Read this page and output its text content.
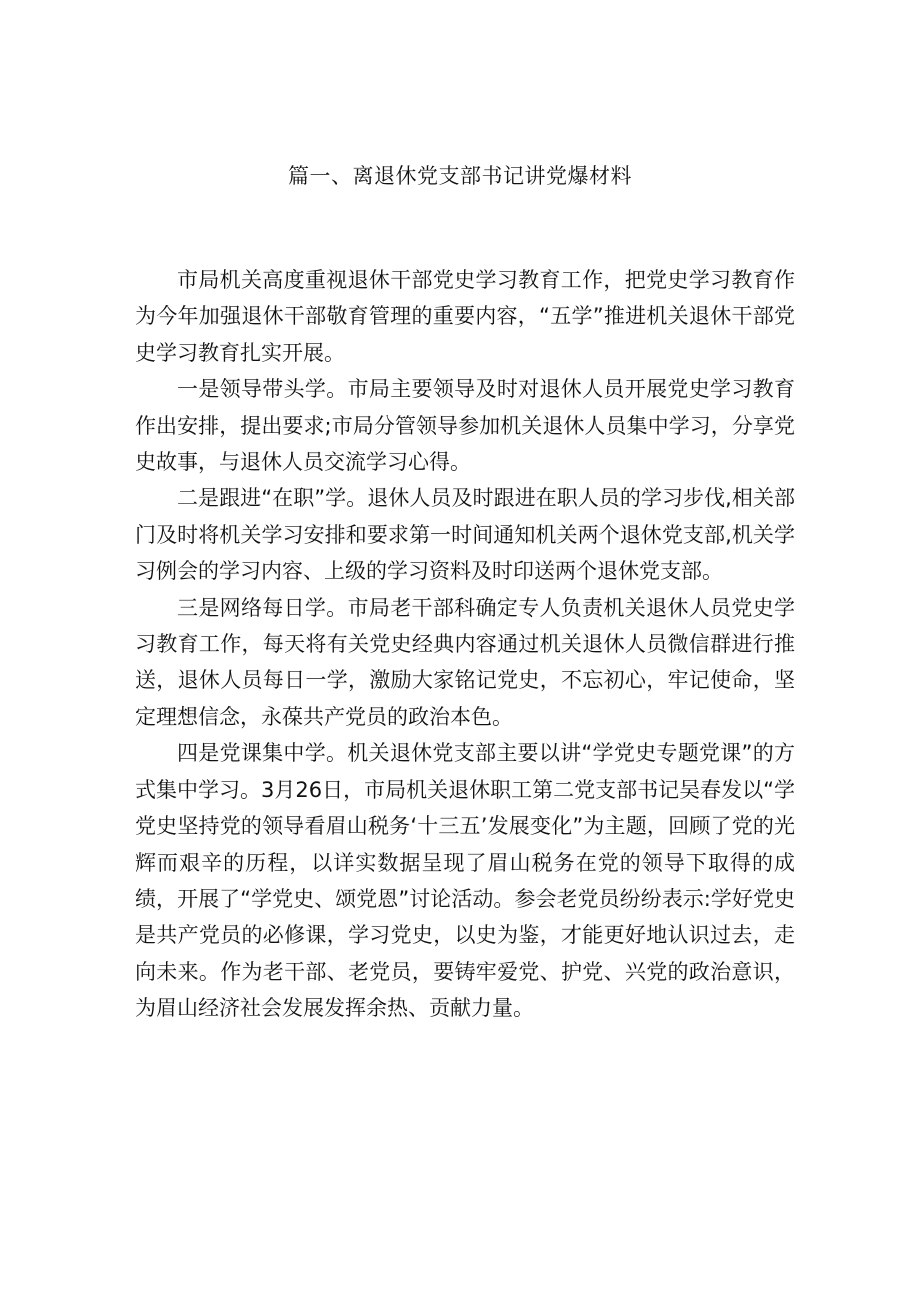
篇一、离退休党支部书记讲党爆材料

市局机关高度重视退休干部党史学习教育工作，把党史学习教育作为今年加强退休干部敬育管理的重要内容，“五学”推进机关退休干部党史学习教育扎实开展。

一是领导带头学。市局主要领导及时对退休人员开展党史学习教育作出安排，提出要求;市局分管领导参加机关退休人员集中学习，分享党史故事，与退休人员交流学习心得。

二是跟进“在职”学。退休人员及时跟进在职人员的学习步伐,相关部门及时将机关学习安排和要求第一时间通知机关两个退休党支部,机关学习例会的学习内容、上级的学习资料及时印送两个退休党支部。

三是网络每日学。市局老干部科确定专人负责机关退休人员党史学习教育工作，每天将有关党史经典内容通过机关退休人员微信群进行推送，退休人员每日一学，激励大家铭记党史，不忘初心，牢记使命，坚定理想信念，永葆共产党员的政治本色。

四是党课集中学。机关退休党支部主要以讲“学党史专题党课”的方式集中学习。3月26日，市局机关退休职工第二党支部书记吴春发以“学党史坚持党的领导看眉山税务‘十三五’发展变化”为主题，回顾了党的光辉而艰辛的历程，以详实数据呈现了眉山税务在党的领导下取得的成绩，开展了“学党史、颂党恩”讨论活动。参会老党员纷纷表示:学好党史是共产党员的必修课，学习党史，以史为鉴，才能更好地认识过去，走向未来。作为老干部、老党员，要铸牢爱党、护党、兴党的政治意识，为眉山经济社会发展发挥余热、贡献力量。
